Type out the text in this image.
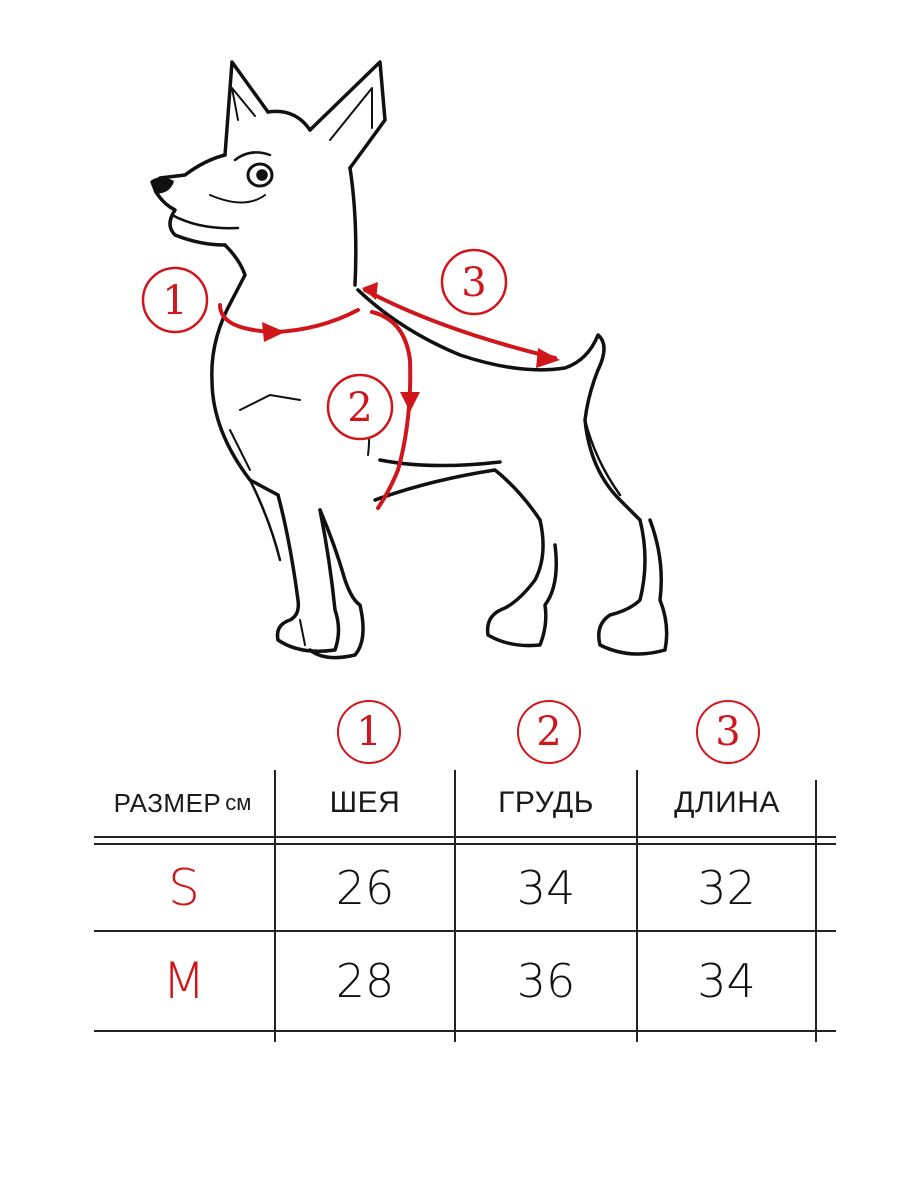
1
2
3
1	2	3
РАЗМЕР см	ШЕЯ	ГРУДЬ	ДЛИНА
S	26	34	32
M	28	36	34
